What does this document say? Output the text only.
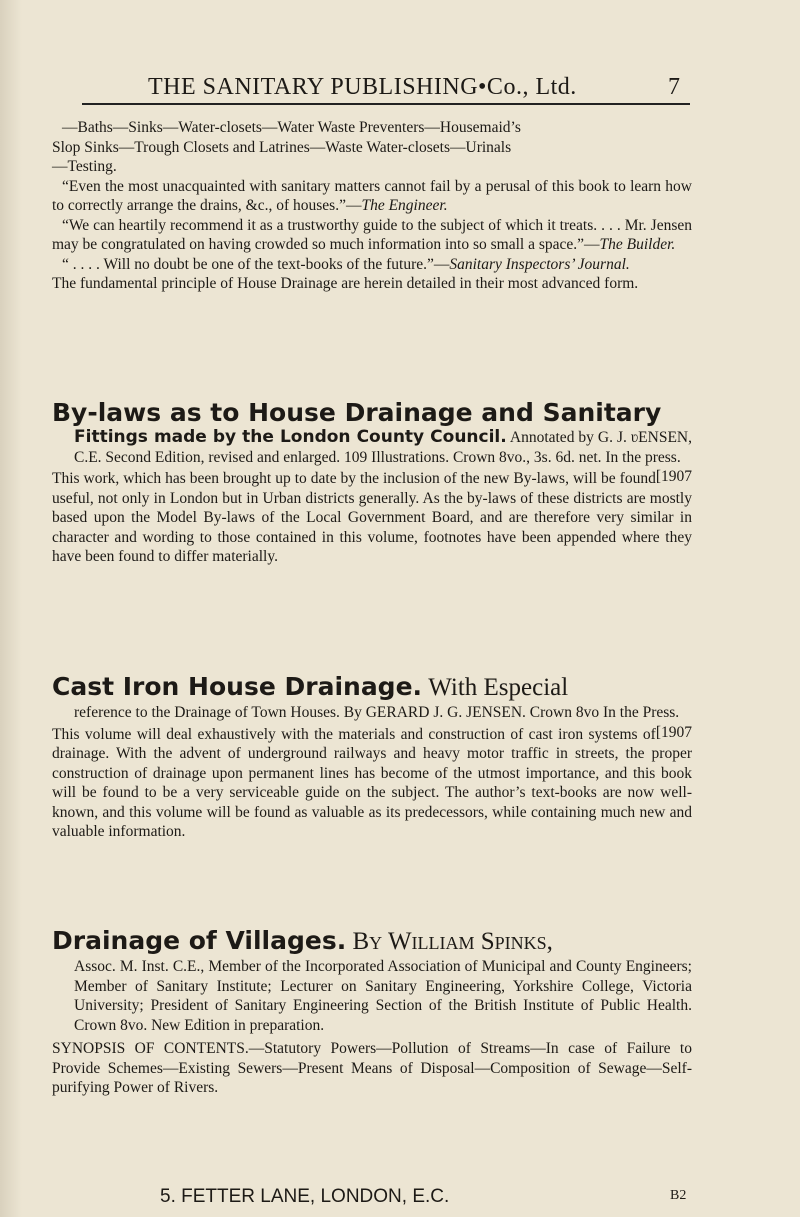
THE SANITARY PUBLISHING•Co., Ltd.	7

—Baths—Sinks—Water-closets—Water Waste Preventers—Housemaid’s

Slop Sinks—Trough Closets and Latrines—Waste Water-closets—Urinals

—Testing.

“Even the most unacquainted with sanitary matters cannot fail by a perusal of this book to learn how to correctly arrange the drains, &c., of houses.”—The Engineer.

“We can heartily recommend it as a trustworthy guide to the subject of which it treats. . . . Mr. Jensen may be congratulated on having crowded so much information into so small a space.”—The Builder.

“ . . . . Will no doubt be one of the text-books of the future.”—Sanitary Inspectors’ Journal.

The fundamental principle of House Drainage are herein detailed in their most advanced form.

By-laws as to House Drainage and Sanitary

Fittings made by the London County Council. Annotated by G. J. ʋENSEN, C.E. Second Edition, revised and enlarged. 109 Illustrations. Crown 8vo., 3s. 6d. net. In the press.
[1907

This work, which has been brought up to date by the inclusion of the new By-laws, will be found useful, not only in London but in Urban districts generally. As the by-laws of these districts are mostly based upon the Model By-laws of the Local Government Board, and are therefore very similar in character and wording to those contained in this volume, footnotes have been appended where they have been found to differ materially.

Cast Iron House Drainage. With Especial

reference to the Drainage of Town Houses. By GERARD J. G. JENSEN. Crown 8vo In the Press.
[1907

This volume will deal exhaustively with the materials and construction of cast iron systems of drainage. With the advent of underground railways and heavy motor traffic in streets, the proper construction of drainage upon permanent lines has become of the utmost importance, and this book will be found to be a very serviceable guide on the subject. The author’s text-books are now well-known, and this volume will be found as valuable as its predecessors, while containing much new and valuable information.

Drainage of Villages. By William Spinks,

Assoc. M. Inst. C.E., Member of the Incorporated Association of Municipal and County Engineers; Member of Sanitary Institute; Lecturer on Sanitary Engineering, Yorkshire College, Victoria University; President of Sanitary Engineering Section of the British Institute of Public Health. Crown 8vo. New Edition in preparation.

SYNOPSIS OF CONTENTS.—Statutory Powers—Pollution of Streams—In case of Failure to Provide Schemes—Existing Sewers—Present Means of Disposal—Composition of Sewage—Self-purifying Power of Rivers.

5. FETTER LANE, LONDON, E.C.	B2
